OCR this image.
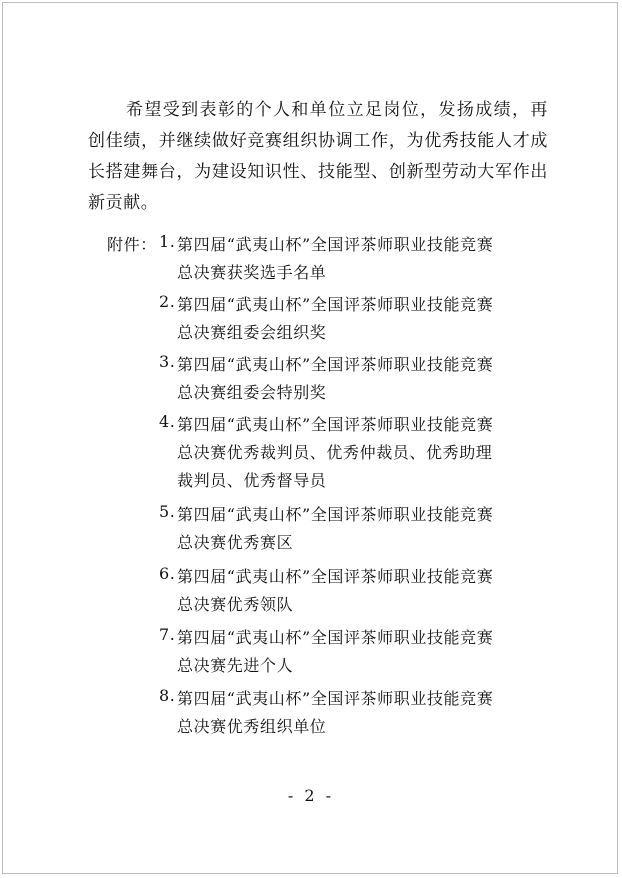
希望受到表彰的个人和单位立足岗位，发扬成绩，再创佳绩，并继续做好竞赛组织协调工作，为优秀技能人才成长搭建舞台，为建设知识性、技能型、创新型劳动大军作出新贡献。

附件： 1. 第四届“武夷山杯”全国评茶师职业技能竞赛
总决赛获奖选手名单
2. 第四届“武夷山杯”全国评茶师职业技能竞赛
总决赛组委会组织奖
3. 第四届“武夷山杯”全国评茶师职业技能竞赛
总决赛组委会特别奖
4. 第四届“武夷山杯”全国评茶师职业技能竞赛
总决赛优秀裁判员、优秀仲裁员、优秀助理
裁判员、优秀督导员
5. 第四届“武夷山杯”全国评茶师职业技能竞赛
总决赛优秀赛区
6. 第四届“武夷山杯”全国评茶师职业技能竞赛
总决赛优秀领队
7. 第四届“武夷山杯”全国评茶师职业技能竞赛
总决赛先进个人
8. 第四届“武夷山杯”全国评茶师职业技能竞赛
总决赛优秀组织单位
- 2 -
